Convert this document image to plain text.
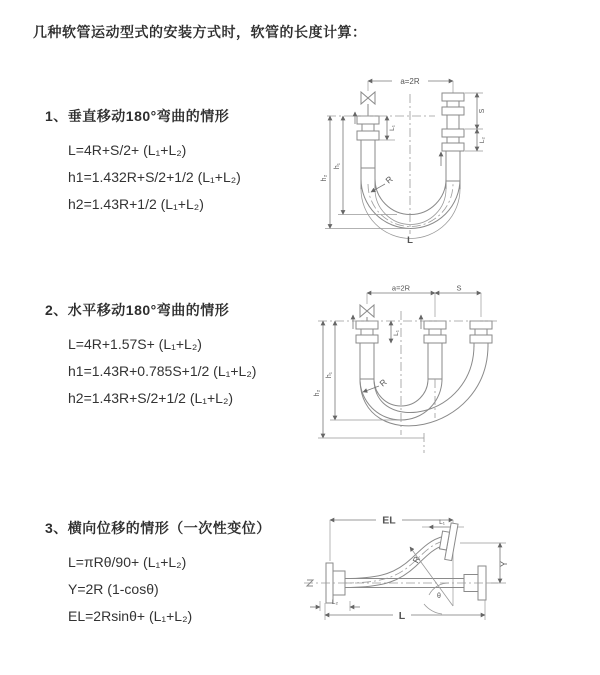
几种软管运动型式的安装方式时，软管的长度计算：
1、垂直移动180°弯曲的情形
L=4R+S/2+ (L₁+L₂)
h1=1.432R+S/2+1/2 (L₁+L₂)
h2=1.43R+1/2 (L₁+L₂)
2、水平移动180°弯曲的情形
L=4R+1.57S+ (L₁+L₂)
h1=1.43R+0.785S+1/2 (L₁+L₂)
h2=1.43R+S/2+1/2 (L₁+L₂)
3、横向位移的情形（一次性变位）
L=πRθ/90+ (L₁+L₂)
Y=2R (1-cosθ)
EL=2Rsinθ+ (L₁+L₂)
a=2R
h₁
h₂
L₁
S
L₂
R
L
a=2R	S
h₁
h₂
L₁
R
EL	L₁
R
θ
Y
L₂
L
